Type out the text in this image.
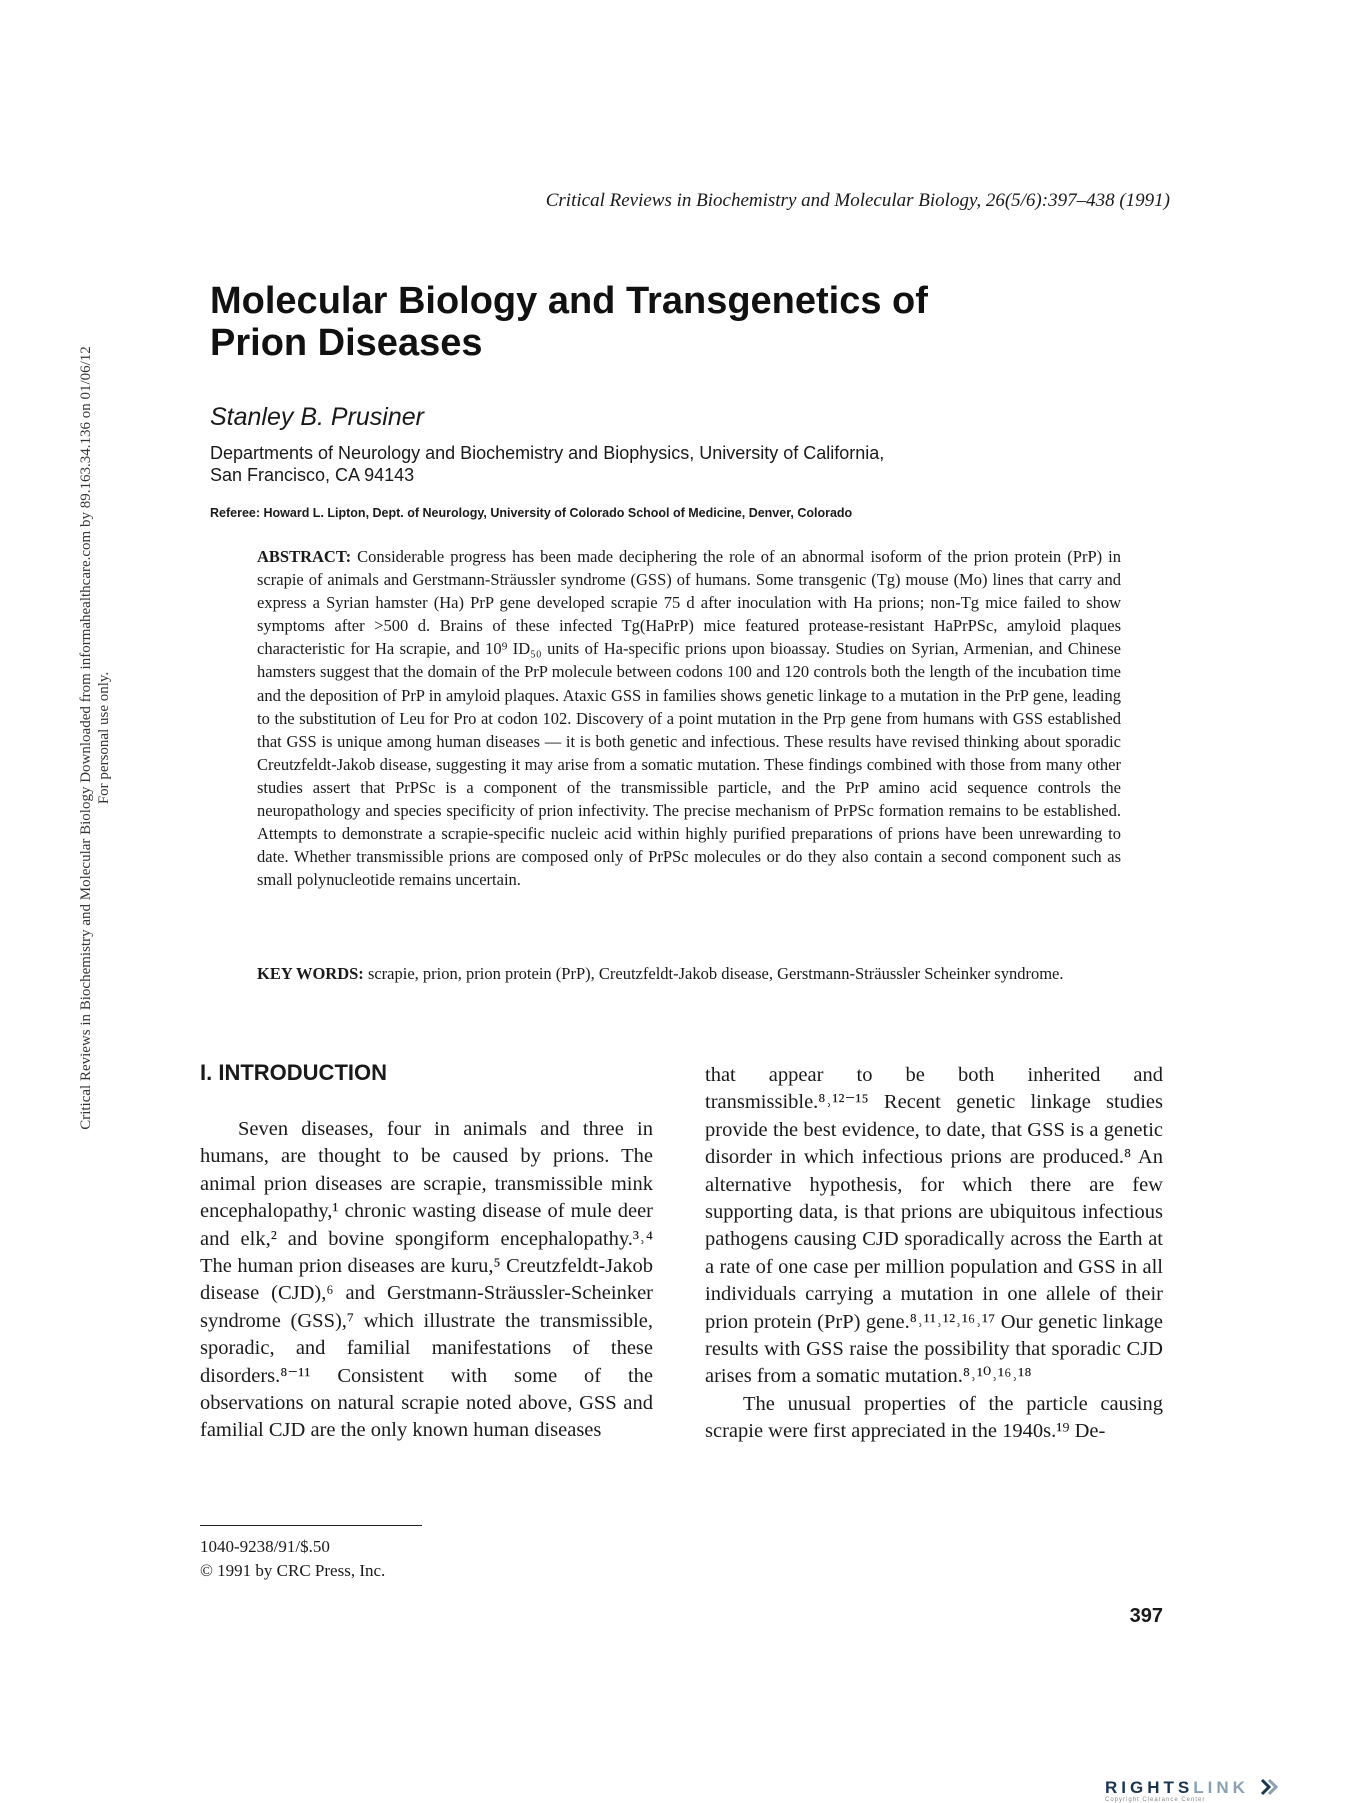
Critical Reviews in Biochemistry and Molecular Biology Downloaded from informahealthcare.com by 89.163.34.136 on 01/06/12 For personal use only.
Critical Reviews in Biochemistry and Molecular Biology, 26(5/6):397–438 (1991)
Molecular Biology and Transgenetics of
Prion Diseases
Stanley B. Prusiner
Departments of Neurology and Biochemistry and Biophysics, University of California,
San Francisco, CA 94143
Referee: Howard L. Lipton, Dept. of Neurology, University of Colorado School of Medicine, Denver, Colorado
ABSTRACT: Considerable progress has been made deciphering the role of an abnormal isoform of the prion protein (PrP) in scrapie of animals and Gerstmann-Sträussler syndrome (GSS) of humans. Some transgenic (Tg) mouse (Mo) lines that carry and express a Syrian hamster (Ha) PrP gene developed scrapie 75 d after inoculation with Ha prions; non-Tg mice failed to show symptoms after >500 d. Brains of these infected Tg(HaPrP) mice featured protease-resistant HaPrPSc, amyloid plaques characteristic for Ha scrapie, and 10⁹ ID₅₀ units of Ha-specific prions upon bioassay. Studies on Syrian, Armenian, and Chinese hamsters suggest that the domain of the PrP molecule between codons 100 and 120 controls both the length of the incubation time and the deposition of PrP in amyloid plaques. Ataxic GSS in families shows genetic linkage to a mutation in the PrP gene, leading to the substitution of Leu for Pro at codon 102. Discovery of a point mutation in the Prp gene from humans with GSS established that GSS is unique among human diseases — it is both genetic and infectious. These results have revised thinking about sporadic Creutzfeldt-Jakob disease, suggesting it may arise from a somatic mutation. These findings combined with those from many other studies assert that PrPSc is a component of the transmissible particle, and the PrP amino acid sequence controls the neuropathology and species specificity of prion infectivity. The precise mechanism of PrPSc formation remains to be established. Attempts to demonstrate a scrapie-specific nucleic acid within highly purified preparations of prions have been unrewarding to date. Whether transmissible prions are composed only of PrPSc molecules or do they also contain a second component such as small polynucleotide remains uncertain.
KEY WORDS: scrapie, prion, prion protein (PrP), Creutzfeldt-Jakob disease, Gerstmann-Sträussler Scheinker syndrome.
I. INTRODUCTION

Seven diseases, four in animals and three in humans, are thought to be caused by prions. The animal prion diseases are scrapie, transmissible mink encephalopathy,¹ chronic wasting disease of mule deer and elk,² and bovine spongiform encephalopathy.³˒⁴ The human prion diseases are kuru,⁵ Creutzfeldt-Jakob disease (CJD),⁶ and Gerstmann-Sträussler-Scheinker syndrome (GSS),⁷ which illustrate the transmissible, sporadic, and familial manifestations of these disorders.⁸⁻¹¹ Consistent with some of the observations on natural scrapie noted above, GSS and familial CJD are the only known human diseases

that appear to be both inherited and transmissible.⁸˒¹²⁻¹⁵ Recent genetic linkage studies provide the best evidence, to date, that GSS is a genetic disorder in which infectious prions are produced.⁸ An alternative hypothesis, for which there are few supporting data, is that prions are ubiquitous infectious pathogens causing CJD sporadically across the Earth at a rate of one case per million population and GSS in all individuals carrying a mutation in one allele of their prion protein (PrP) gene.⁸˒¹¹˒¹²˒¹⁶˒¹⁷ Our genetic linkage results with GSS raise the possibility that sporadic CJD arises from a somatic mutation.⁸˒¹⁰˒¹⁶˒¹⁸

The unusual properties of the particle causing scrapie were first appreciated in the 1940s.¹⁹ De-

1040-9238/91/$.50
© 1991 by CRC Press, Inc.
397
RIGHTSLINK
Copyright Clearance Center
